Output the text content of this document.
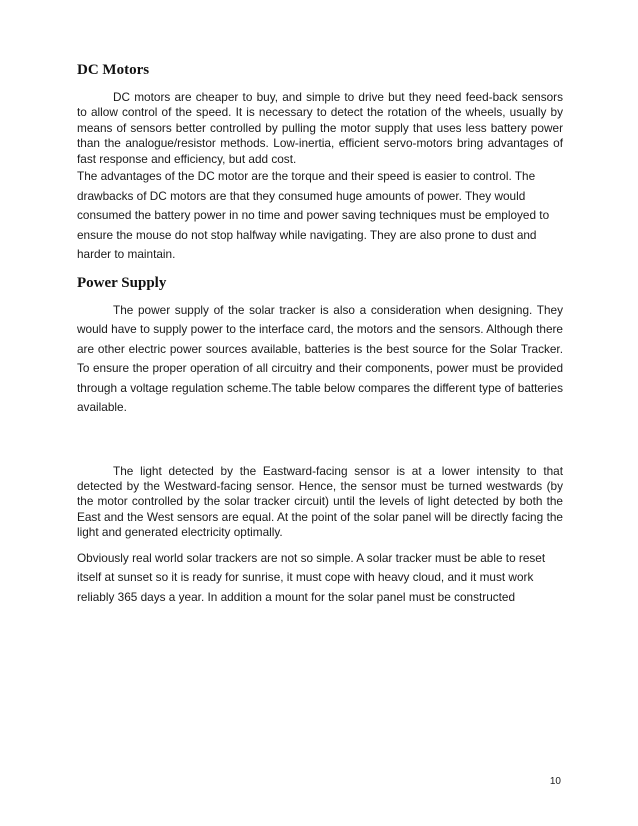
DC Motors

DC motors are cheaper to buy, and simple to drive but they need feed-back sensors to allow control of the speed. It is necessary to detect the rotation of the wheels, usually by means of sensors better controlled by pulling the motor supply that uses less battery power than the analogue/resistor methods. Low-inertia, efficient servo-motors bring advantages of fast response and efficiency, but add cost.

The advantages of the DC motor are the torque and their speed is easier to control. The drawbacks of DC motors are that they consumed huge amounts of power. They would consumed the battery power in no time and power saving techniques must be employed to ensure the mouse do not stop halfway while navigating. They are also prone to dust and harder to maintain.

Power Supply

The power supply of the solar tracker is also a consideration when designing. They would have to supply power to the interface card, the motors and the sensors. Although there are other electric power sources available, batteries is the best source for the Solar Tracker. To ensure the proper operation of all circuitry and their components, power must be provided through a voltage regulation scheme.The table below compares the different type of batteries available.

The light detected by the Eastward-facing sensor is at a lower intensity to that detected by the Westward-facing sensor. Hence, the sensor must be turned westwards (by the motor controlled by the solar tracker circuit) until the levels of light detected by both the East and the West sensors are equal. At the point of the solar panel will be directly facing the light and generated electricity optimally.

Obviously real world solar trackers are not so simple. A solar tracker must be able to reset itself at sunset so it is ready for sunrise, it must cope with heavy cloud, and it must work reliably 365 days a year. In addition a mount for the solar panel must be constructed

10
